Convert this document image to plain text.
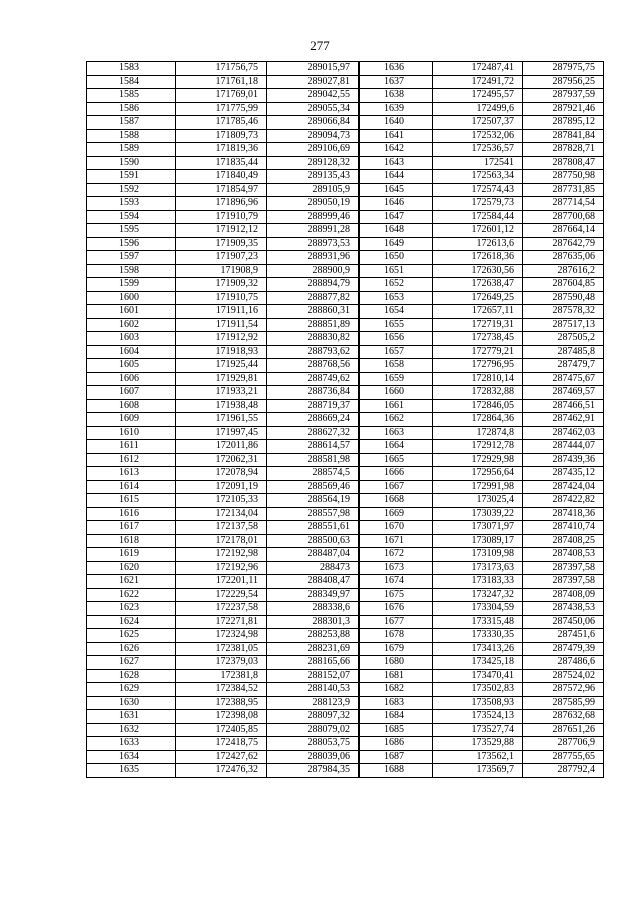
277
1583	171756,75	289015,97	1636	172487,41	287975,75
1584	171761,18	289027,81	1637	172491,72	287956,25
1585	171769,01	289042,55	1638	172495,57	287937,59
1586	171775,99	289055,34	1639	172499,6	287921,46
1587	171785,46	289066,84	1640	172507,37	287895,12
1588	171809,73	289094,73	1641	172532,06	287841,84
1589	171819,36	289106,69	1642	172536,57	287828,71
1590	171835,44	289128,32	1643	172541	287808,47
1591	171840,49	289135,43	1644	172563,34	287750,98
1592	171854,97	289105,9	1645	172574,43	287731,85
1593	171896,96	289050,19	1646	172579,73	287714,54
1594	171910,79	288999,46	1647	172584,44	287700,68
1595	171912,12	288991,28	1648	172601,12	287664,14
1596	171909,35	288973,53	1649	172613,6	287642,79
1597	171907,23	288931,96	1650	172618,36	287635,06
1598	171908,9	288900,9	1651	172630,56	287616,2
1599	171909,32	288894,79	1652	172638,47	287604,85
1600	171910,75	288877,82	1653	172649,25	287590,48
1601	171911,16	288860,31	1654	172657,11	287578,32
1602	171911,54	288851,89	1655	172719,31	287517,13
1603	171912,92	288830,82	1656	172738,45	287505,2
1604	171918,93	288793,62	1657	172779,21	287485,8
1605	171925,44	288768,56	1658	172796,95	287479,7
1606	171929,81	288749,62	1659	172810,14	287475,67
1607	171933,21	288736,84	1660	172832,88	287469,57
1608	171938,48	288719,37	1661	172846,05	287466,51
1609	171961,55	288669,24	1662	172864,36	287462,91
1610	171997,45	288627,32	1663	172874,8	287462,03
1611	172011,86	288614,57	1664	172912,78	287444,07
1612	172062,31	288581,98	1665	172929,98	287439,36
1613	172078,94	288574,5	1666	172956,64	287435,12
1614	172091,19	288569,46	1667	172991,98	287424,04
1615	172105,33	288564,19	1668	173025,4	287422,82
1616	172134,04	288557,98	1669	173039,22	287418,36
1617	172137,58	288551,61	1670	173071,97	287410,74
1618	172178,01	288500,63	1671	173089,17	287408,25
1619	172192,98	288487,04	1672	173109,98	287408,53
1620	172192,96	288473	1673	173173,63	287397,58
1621	172201,11	288408,47	1674	173183,33	287397,58
1622	172229,54	288349,97	1675	173247,32	287408,09
1623	172237,58	288338,6	1676	173304,59	287438,53
1624	172271,81	288301,3	1677	173315,48	287450,06
1625	172324,98	288253,88	1678	173330,35	287451,6
1626	172381,05	288231,69	1679	173413,26	287479,39
1627	172379,03	288165,66	1680	173425,18	287486,6
1628	172381,8	288152,07	1681	173470,41	287524,02
1629	172384,52	288140,53	1682	173502,83	287572,96
1630	172388,95	288123,9	1683	173508,93	287585,99
1631	172398,08	288097,32	1684	173524,13	287632,68
1632	172405,85	288079,02	1685	173527,74	287651,26
1633	172418,75	288053,75	1686	173529,88	287706,9
1634	172427,62	288039,06	1687	173562,1	287755,65
1635	172476,32	287984,35	1688	173569,7	287792,4
